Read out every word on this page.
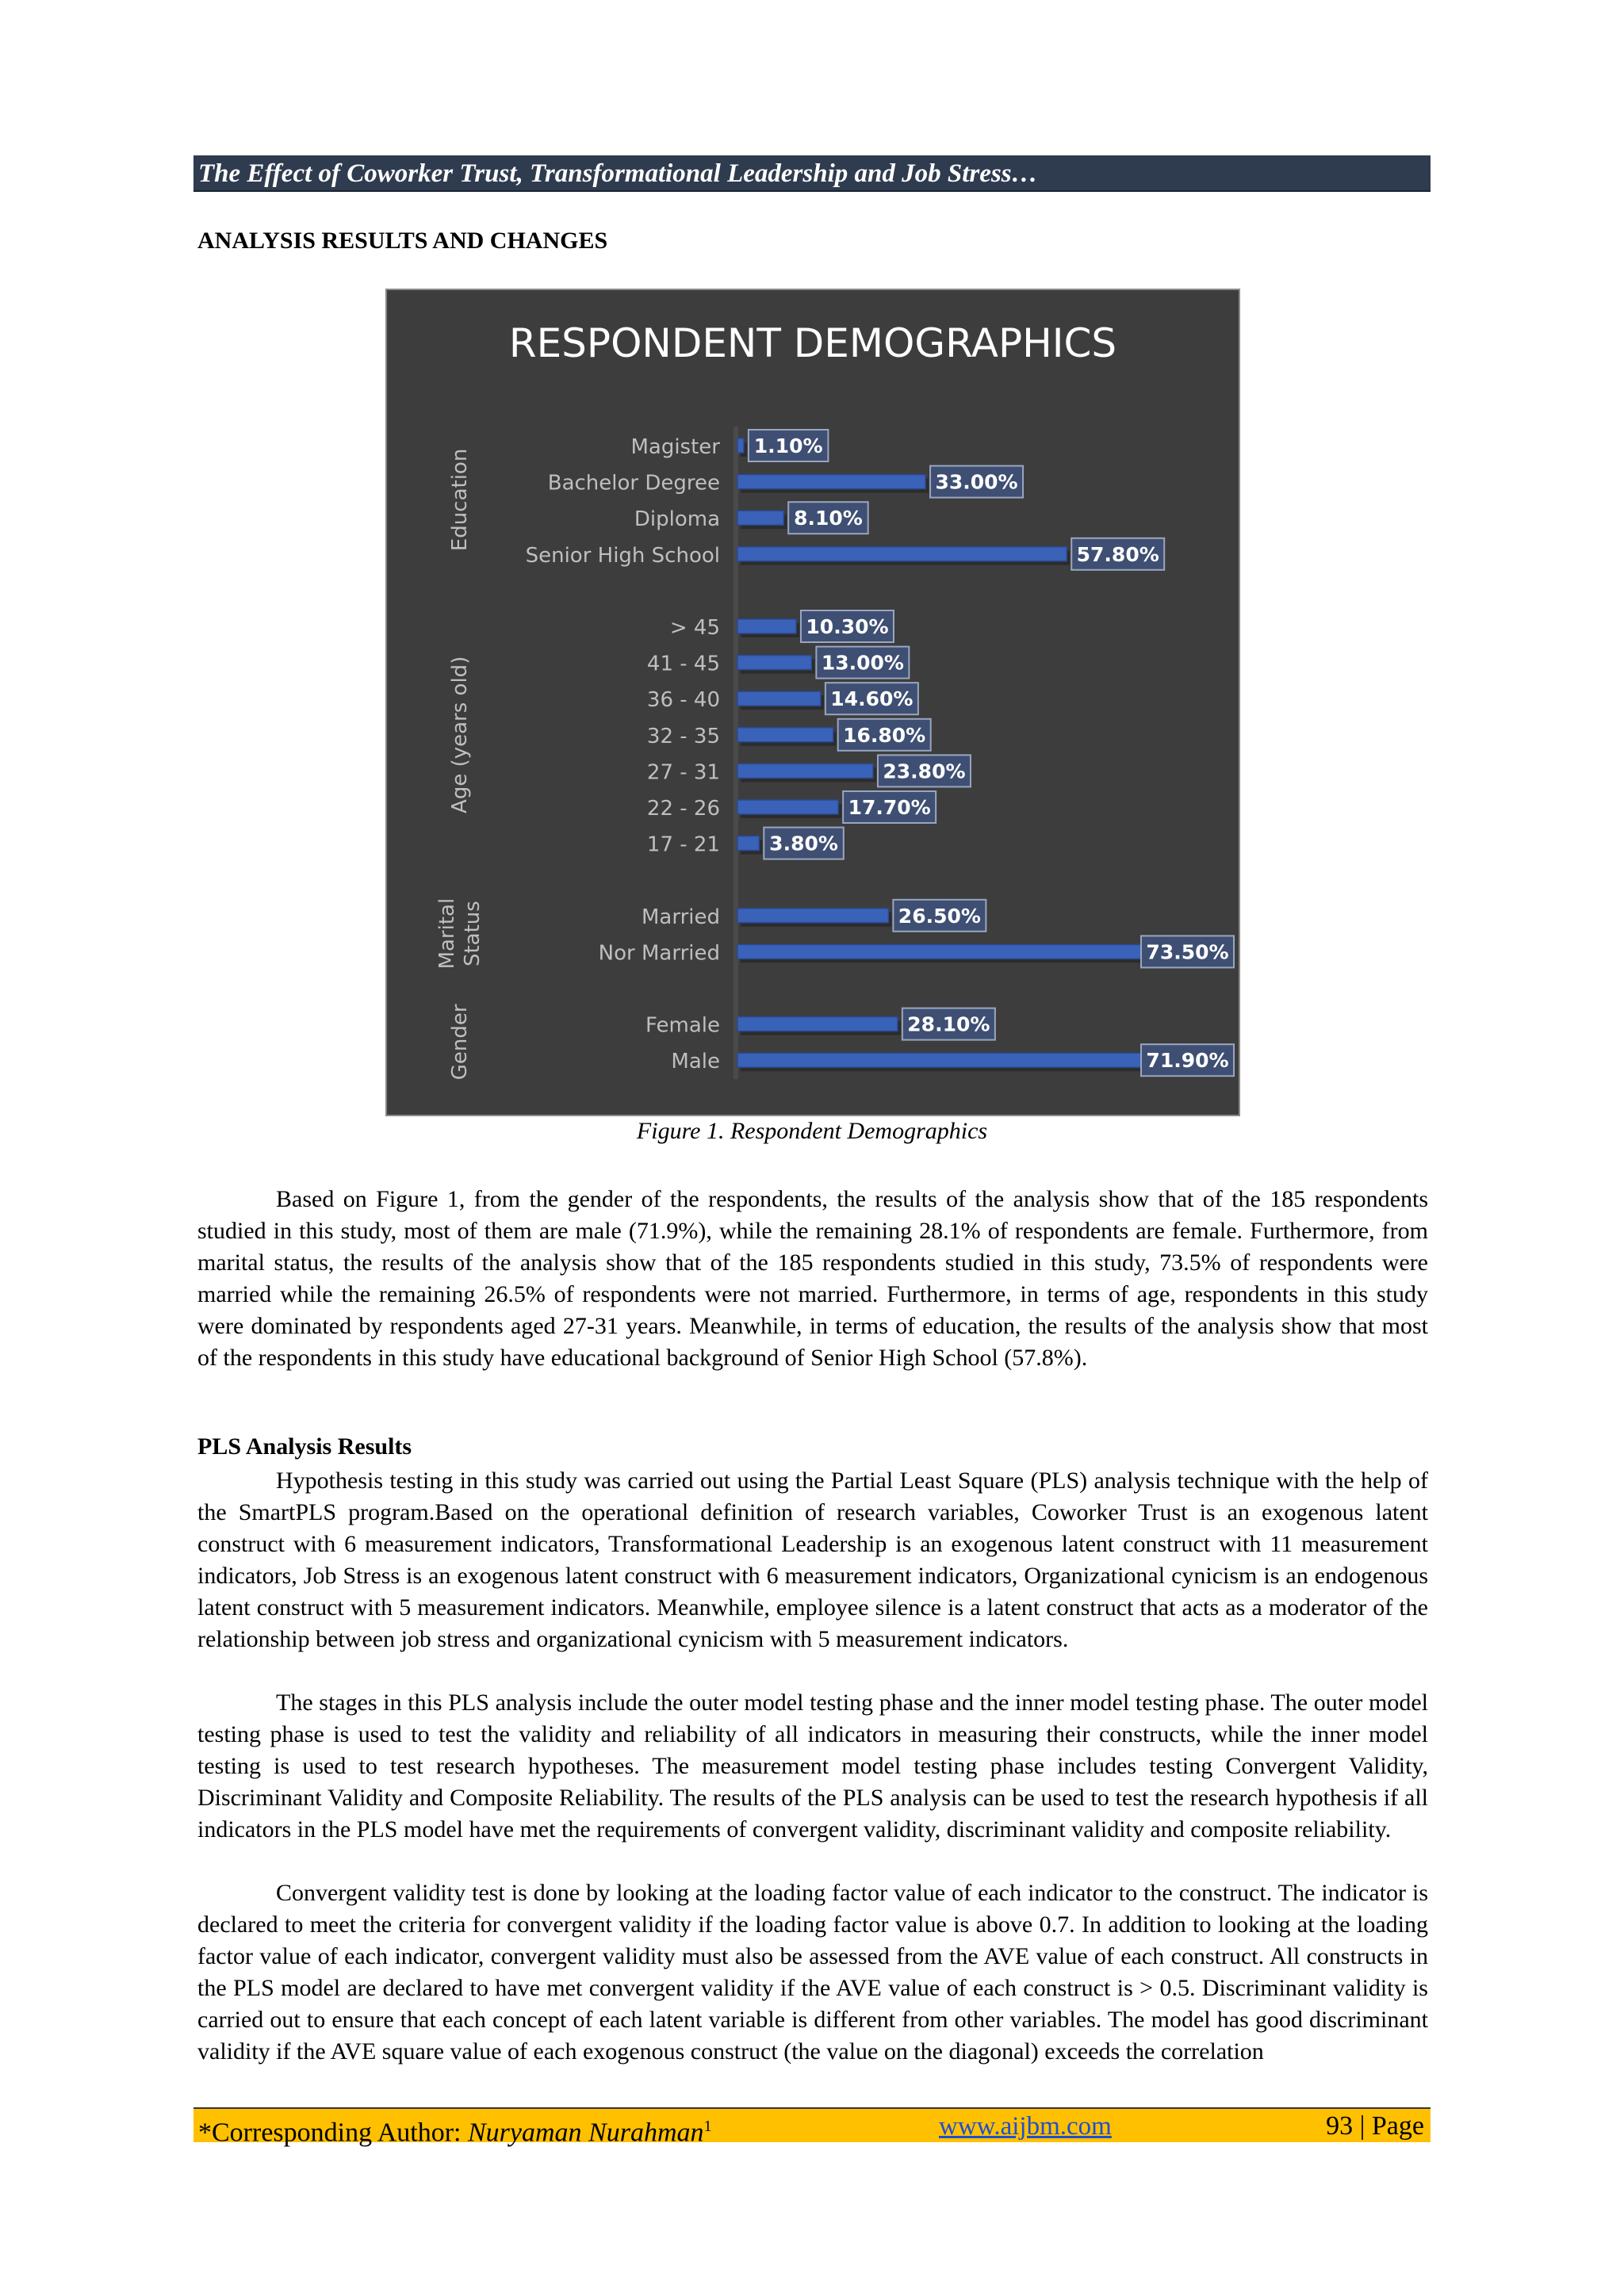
The Effect of Coworker Trust, Transformational Leadership and Job Stress…
ANALYSIS RESULTS AND CHANGES
RESPONDENT DEMOGRAPHICS
Magister 1.10%
Bachelor Degree	33.00%
Diploma	8.10%
Senior High School	57.80%
Education
> 45	10.30%
41 - 45	13.00%
36 - 40	14.60%
32 - 35	16.80%
27 - 31	23.80%
22 - 26	17.70%
17 - 21 3.80%
Age (years old)
Married	26.50%
Nor Married	73.50%
Marital Status
Female	28.10%
Male	71.90%
Gender
Figure 1. Respondent Demographics

Based on Figure 1, from the gender of the respondents, the results of the analysis show that of the 185 respondents studied in this study, most of them are male (71.9%), while the remaining 28.1% of respondents are female. Furthermore, from marital status, the results of the analysis show that of the 185 respondents studied in this study, 73.5% of respondents were married while the remaining 26.5% of respondents were not married. Furthermore, in terms of age, respondents in this study were dominated by respondents aged 27-31 years. Meanwhile, in terms of education, the results of the analysis show that most of the respondents in this study have educational background of Senior High School (57.8%).

PLS Analysis Results

Hypothesis testing in this study was carried out using the Partial Least Square (PLS) analysis technique with the help of the SmartPLS program.Based on the operational definition of research variables, Coworker Trust is an exogenous latent construct with 6 measurement indicators, Transformational Leadership is an exogenous latent construct with 11 measurement indicators, Job Stress is an exogenous latent construct with 6 measurement indicators, Organizational cynicism is an endogenous latent construct with 5 measurement indicators. Meanwhile, employee silence is a latent construct that acts as a moderator of the relationship between job stress and organizational cynicism with 5 measurement indicators.

The stages in this PLS analysis include the outer model testing phase and the inner model testing phase. The outer model testing phase is used to test the validity and reliability of all indicators in measuring their constructs, while the inner model testing is used to test research hypotheses. The measurement model testing phase includes testing Convergent Validity, Discriminant Validity and Composite Reliability. The results of the PLS analysis can be used to test the research hypothesis if all indicators in the PLS model have met the requirements of convergent validity, discriminant validity and composite reliability.

Convergent validity test is done by looking at the loading factor value of each indicator to the construct. The indicator is declared to meet the criteria for convergent validity if the loading factor value is above 0.7. In addition to looking at the loading factor value of each indicator, convergent validity must also be assessed from the AVE value of each construct. All constructs in the PLS model are declared to have met convergent validity if the AVE value of each construct is > 0.5. Discriminant validity is carried out to ensure that each concept of each latent variable is different from other variables. The model has good discriminant validity if the AVE square value of each exogenous construct (the value on the diagonal) exceeds the correlation

*Corresponding Author: Nuryaman Nurahman$^1$	www.aijbm.com	93 | Page
